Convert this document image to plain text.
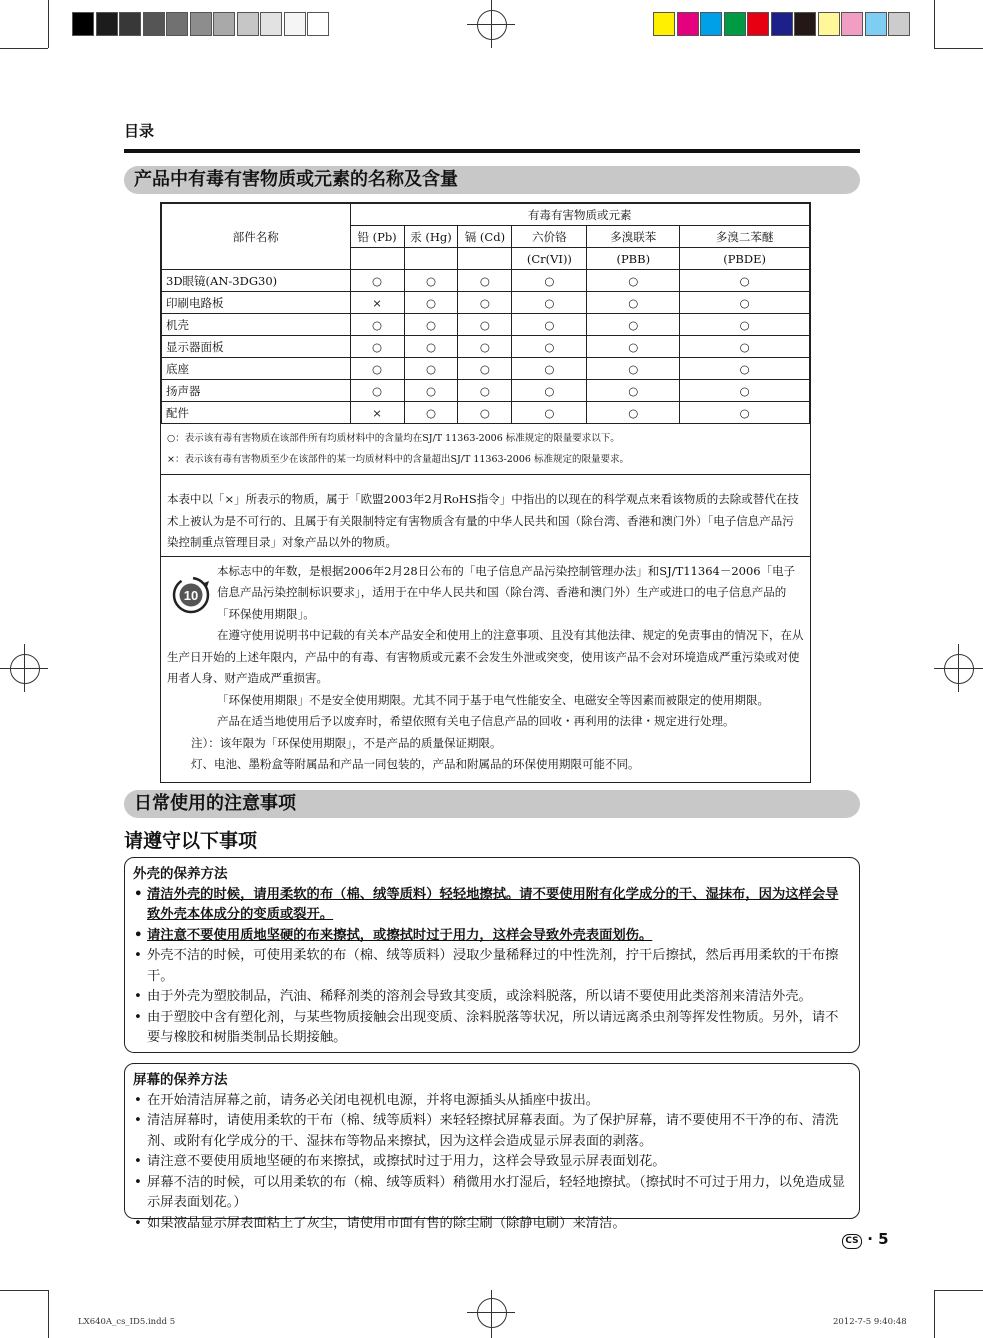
目录
产品中有毒有害物质或元素的名称及含量
部件名称	有毒有害物质或元素					
	铅 (Pb)	汞 (Hg)	镉 (Cd)	六价铬	多溴联苯	多溴二苯醚
				(Cr(VI))	(PBB)	(PBDE)
3D眼镜(AN-3DG30)	○	○	○	○	○	○
印刷电路板	×	○	○	○	○	○
机壳	○	○	○	○	○	○
显示器面板	○	○	○	○	○	○
底座	○	○	○	○	○	○
扬声器	○	○	○	○	○	○
配件	×	○	○	○	○	○
○：表示该有毒有害物质在该部件所有均质材料中的含量均在SJ/T 11363-2006 标准规定的限量要求以下。
×：表示该有毒有害物质至少在该部件的某一均质材料中的含量超出SJ/T 11363-2006 标准规定的限量要求。
本表中以「×」所表示的物质，属于「欧盟2003年2月RoHS指令」中指出的以现在的科学观点来看该物质的去除或替代在技术上被认为是不可行的、且属于有关限制特定有害物质含有量的中华人民共和国（除台湾、香港和澳门外）「电子信息产品污染控制重点管理目录」对象产品以外的物质。
10
本标志中的年数，是根据2006年2月28日公布的「电子信息产品污染控制管理办法」和SJ/T11364－2006「电子信息产品污染控制标识要求」，适用于在中华人民共和国（除台湾、香港和澳门外）生产或进口的电子信息产品的「环保使用期限」。
在遵守使用说明书中记载的有关本产品安全和使用上的注意事项、且没有其他法律、规定的免责事由的情况下，在从生产日开始的上述年限内，产品中的有毒、有害物质或元素不会发生外泄或突变，使用该产品不会对环境造成严重污染或对使用者人身、财产造成严重损害。
「环保使用期限」不是安全使用期限。尤其不同于基于电气性能安全、电磁安全等因素而被限定的使用期限。
产品在适当地使用后予以废弃时，希望依照有关电子信息产品的回收・再利用的法律・规定进行处理。
注）：该年限为「环保使用期限」，不是产品的质量保证期限。
灯、电池、墨粉盒等附属品和产品一同包装的，产品和附属品的环保使用期限可能不同。
日常使用的注意事项
请遵守以下事项
外壳的保养方法
• 清洁外壳的时候，请用柔软的布（棉、绒等质料）轻轻地擦拭。请不要使用附有化学成分的干、湿抹布，因为这样会导致外壳本体成分的变质或裂开。
• 请注意不要使用质地坚硬的布来擦拭，或擦拭时过于用力，这样会导致外壳表面划伤。
• 外壳不洁的时候，可使用柔软的布（棉、绒等质料）浸取少量稀释过的中性洗剂，拧干后擦拭，然后再用柔软的干布擦干。
• 由于外壳为塑胶制品，汽油、稀释剂类的溶剂会导致其变质，或涂料脱落，所以请不要使用此类溶剂来清洁外壳。
• 由于塑胶中含有塑化剂，与某些物质接触会出现变质、涂料脱落等状况，所以请远离杀虫剂等挥发性物质。另外，请不要与橡胶和树脂类制品长期接触。
屏幕的保养方法
• 在开始清洁屏幕之前，请务必关闭电视机电源，并将电源插头从插座中拔出。
• 清洁屏幕时，请使用柔软的干布（棉、绒等质料）来轻轻擦拭屏幕表面。为了保护屏幕，请不要使用不干净的布、清洗剂、或附有化学成分的干、湿抹布等物品来擦拭，因为这样会造成显示屏表面的剥落。
• 请注意不要使用质地坚硬的布来擦拭，或擦拭时过于用力，这样会导致显示屏表面划花。
• 屏幕不洁的时候，可以用柔软的布（棉、绒等质料）稍微用水打湿后，轻轻地擦拭。（擦拭时不可过于用力，以免造成显示屏表面划花。）
• 如果液晶显示屏表面粘上了灰尘，请使用市面有售的除尘刷（除静电刷）来清洁。
CS · 5
LX640A_cs_ID5.indd 5	2012-7-5 9:40:48
